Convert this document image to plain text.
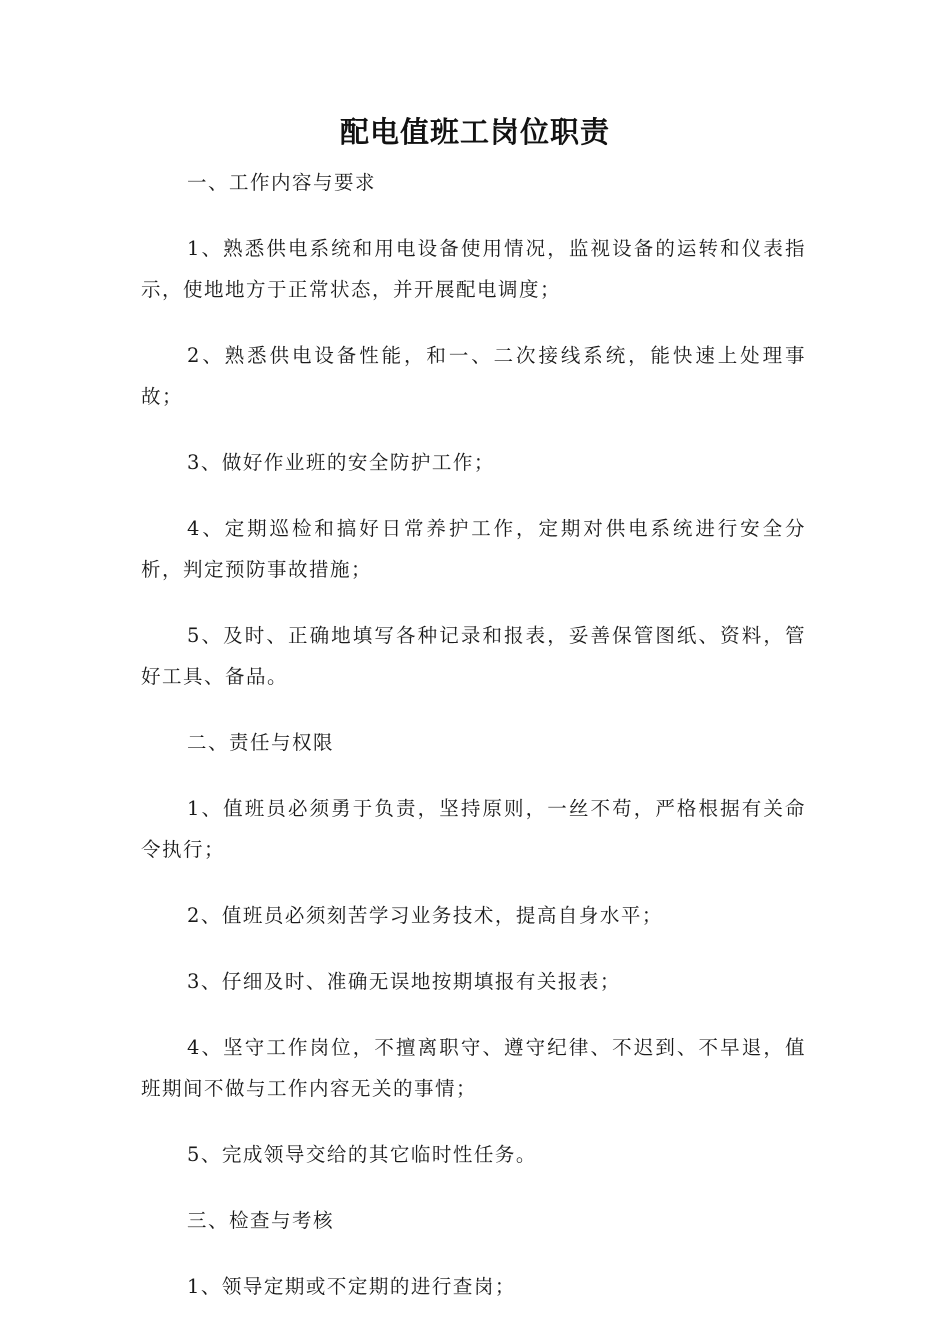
配电值班工岗位职责

一、工作内容与要求

1、熟悉供电系统和用电设备使用情况，监视设备的运转和仪表指示，使地地方于正常状态，并开展配电调度；

2、熟悉供电设备性能，和一、二次接线系统，能快速上处理事故；

3、做好作业班的安全防护工作；

4、定期巡检和搞好日常养护工作，定期对供电系统进行安全分析，判定预防事故措施；

5、及时、正确地填写各种记录和报表，妥善保管图纸、资料，管好工具、备品。

二、责任与权限

1、值班员必须勇于负责，坚持原则，一丝不苟，严格根据有关命令执行；

2、值班员必须刻苦学习业务技术，提高自身水平；

3、仔细及时、准确无误地按期填报有关报表；

4、坚守工作岗位，不擅离职守、遵守纪律、不迟到、不早退，值班期间不做与工作内容无关的事情；

5、完成领导交给的其它临时性任务。

三、检查与考核

1、领导定期或不定期的进行查岗；
